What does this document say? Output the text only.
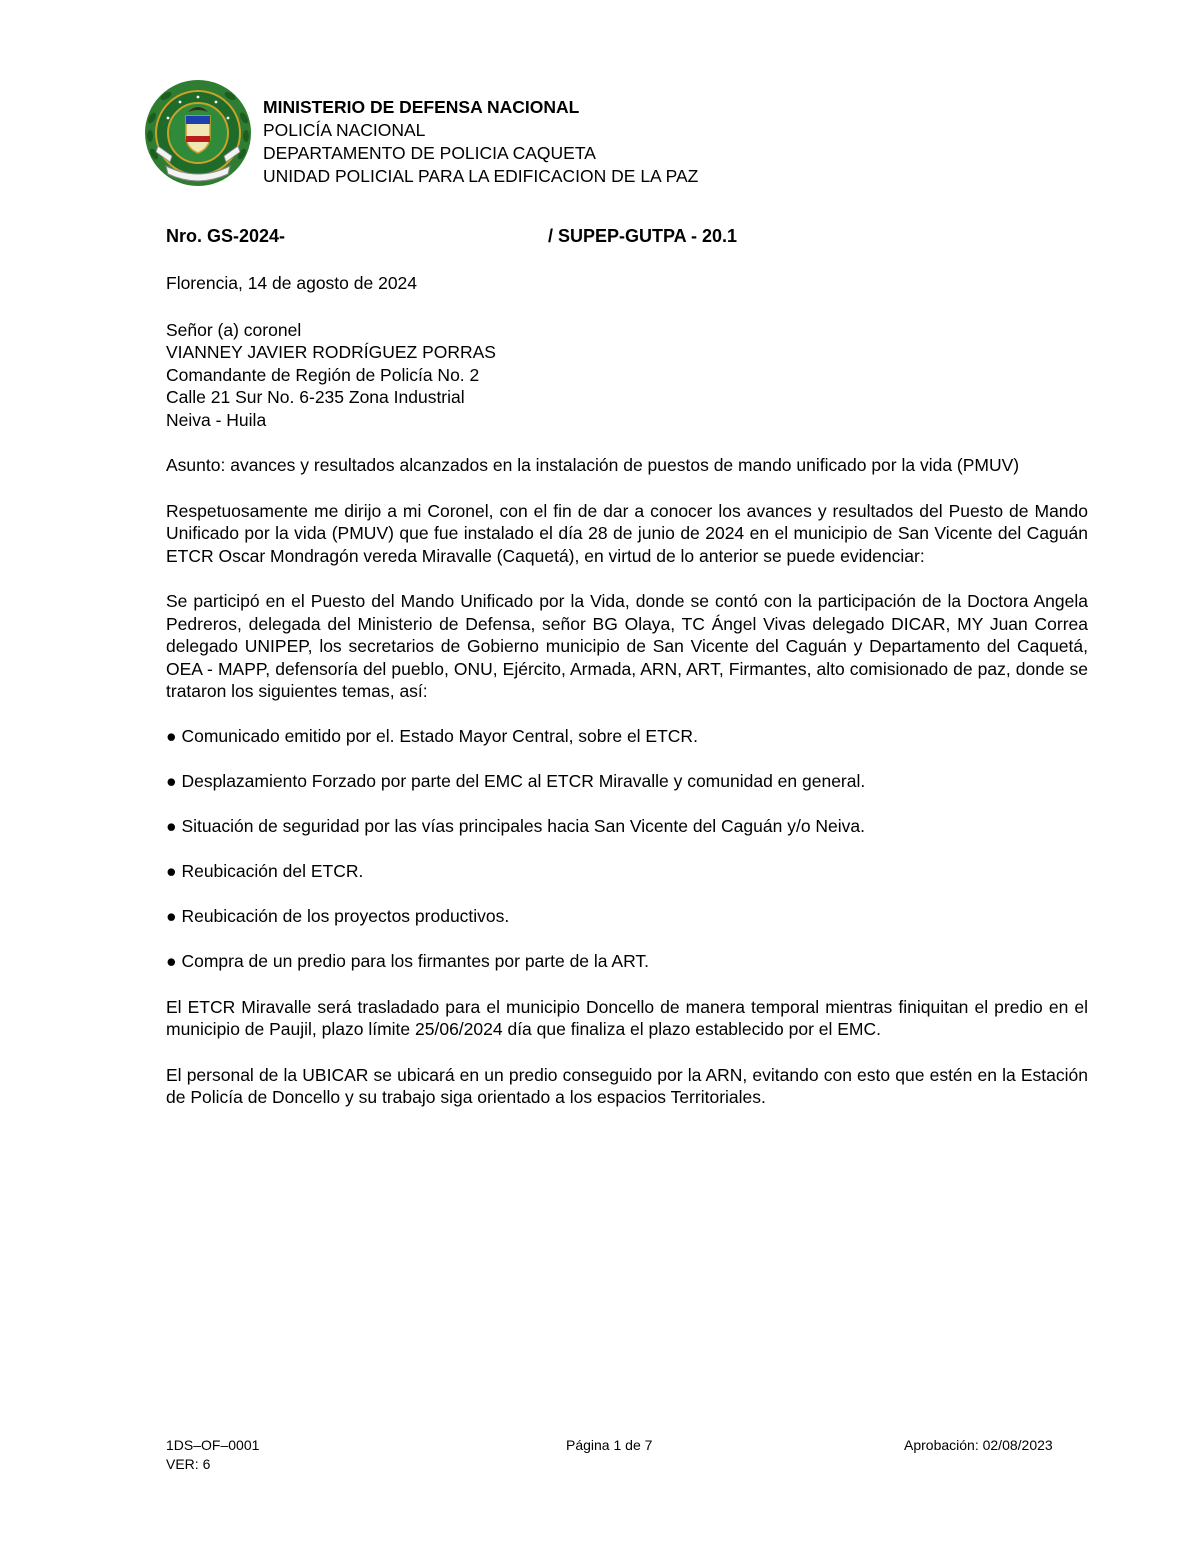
MINISTERIO DE DEFENSA NACIONAL
POLICÍA NACIONAL
DEPARTAMENTO DE POLICIA CAQUETA
UNIDAD POLICIAL PARA LA EDIFICACION DE LA PAZ
Nro. GS-2024-	/ SUPEP-GUTPA - 20.1

Florencia, 14 de agosto de 2024

Señor (a) coronel

VIANNEY JAVIER RODRÍGUEZ PORRAS

Comandante de Región de Policía No. 2

Calle 21 Sur No. 6-235 Zona Industrial

Neiva - Huila

Asunto: avances y resultados alcanzados en la instalación de puestos de mando unificado por la vida (PMUV)

Respetuosamente me dirijo a mi Coronel, con el fin de dar a conocer los avances y resultados del Puesto de Mando Unificado por la vida (PMUV) que fue instalado el día 28 de junio de 2024 en el municipio de San Vicente del Caguán ETCR Oscar Mondragón vereda Miravalle (Caquetá), en virtud de lo anterior se puede evidenciar:

Se participó en el Puesto del Mando Unificado por la Vida, donde se contó con la participación de la Doctora Angela Pedreros, delegada del Ministerio de Defensa, señor BG Olaya, TC Ángel Vivas delegado DICAR, MY Juan Correa delegado UNIPEP, los secretarios de Gobierno municipio de San Vicente del Caguán y Departamento del Caquetá, OEA - MAPP, defensoría del pueblo, ONU, Ejército, Armada, ARN, ART, Firmantes, alto comisionado de paz, donde se trataron los siguientes temas, así:

● Comunicado emitido por el. Estado Mayor Central, sobre el ETCR.

● Desplazamiento Forzado por parte del EMC al ETCR Miravalle y comunidad en general.

● Situación de seguridad por las vías principales hacia San Vicente del Caguán y/o Neiva.

● Reubicación del ETCR.

● Reubicación de los proyectos productivos.

● Compra de un predio para los firmantes por parte de la ART.

El ETCR Miravalle será trasladado para el municipio Doncello de manera temporal mientras finiquitan el predio en el municipio de Paujil, plazo límite 25/06/2024 día que finaliza el plazo establecido por el EMC.

El personal de la UBICAR se ubicará en un predio conseguido por la ARN, evitando con esto que estén en la Estación de Policía de Doncello y su trabajo siga orientado a los espacios Territoriales.

1DS–OF–0001
VER: 6
Página 1 de 7	Aprobación: 02/08/2023
